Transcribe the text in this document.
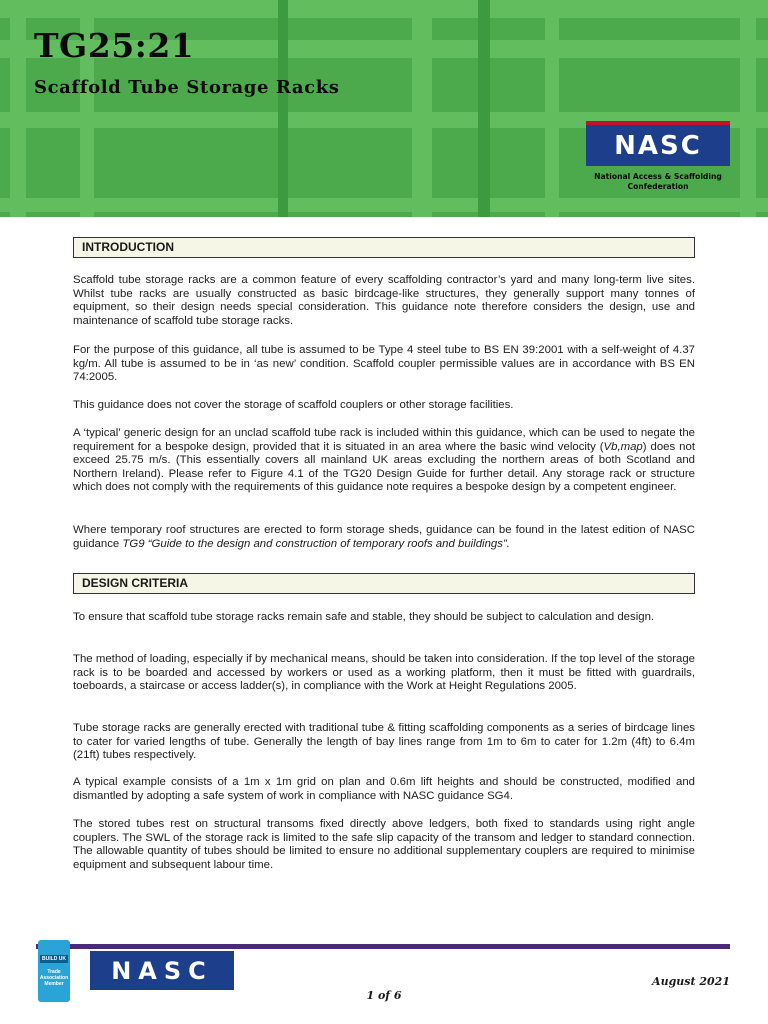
TG25:21
Scaffold Tube Storage Racks
NASC
National Access & Scaffolding
Confederation
INTRODUCTION
Scaffold tube storage racks are a common feature of every scaffolding contractor’s yard and many long-term live sites. Whilst tube racks are usually constructed as basic birdcage-like structures, they generally support many tonnes of equipment, so their design needs special consideration. This guidance note therefore considers the design, use and maintenance of scaffold tube storage racks.
For the purpose of this guidance, all tube is assumed to be Type 4 steel tube to BS EN 39:2001 with a self-weight of 4.37 kg/m. All tube is assumed to be in ‘as new’ condition. Scaffold coupler permissible values are in accordance with BS EN 74:2005.
This guidance does not cover the storage of scaffold couplers or other storage facilities.
A ‘typical’ generic design for an unclad scaffold tube rack is included within this guidance, which can be used to negate the requirement for a bespoke design, provided that it is situated in an area where the basic wind velocity (Vb,map) does not exceed 25.75 m/s. (This essentially covers all mainland UK areas excluding the northern areas of both Scotland and Northern Ireland). Please refer to Figure 4.1 of the TG20 Design Guide for further detail. Any storage rack or structure which does not comply with the requirements of this guidance note requires a bespoke design by a competent engineer.
Where temporary roof structures are erected to form storage sheds, guidance can be found in the latest edition of NASC guidance TG9 “Guide to the design and construction of temporary roofs and buildings”.
DESIGN CRITERIA
To ensure that scaffold tube storage racks remain safe and stable, they should be subject to calculation and design.
The method of loading, especially if by mechanical means, should be taken into consideration. If the top level of the storage rack is to be boarded and accessed by workers or used as a working platform, then it must be fitted with guardrails, toeboards, a staircase or access ladder(s), in compliance with the Work at Height Regulations 2005.
Tube storage racks are generally erected with traditional tube & fitting scaffolding components as a series of birdcage lines to cater for varied lengths of tube. Generally the length of bay lines range from 1m to 6m to cater for 1.2m (4ft) to 6.4m (21ft) tubes respectively.
A typical example consists of a 1m x 1m grid on plan and 0.6m lift heights and should be constructed, modified and dismantled by adopting a safe system of work in compliance with NASC guidance SG4.
The stored tubes rest on structural transoms fixed directly above ledgers, both fixed to standards using right angle couplers. The SWL of the storage rack is limited to the safe slip capacity of the transom and ledger to standard connection. The allowable quantity of tubes should be limited to ensure no additional supplementary couplers are required to minimise equipment and subsequent labour time.
BUILD UK
Trade
Association
Member NASC	August 2021
1 of 6
